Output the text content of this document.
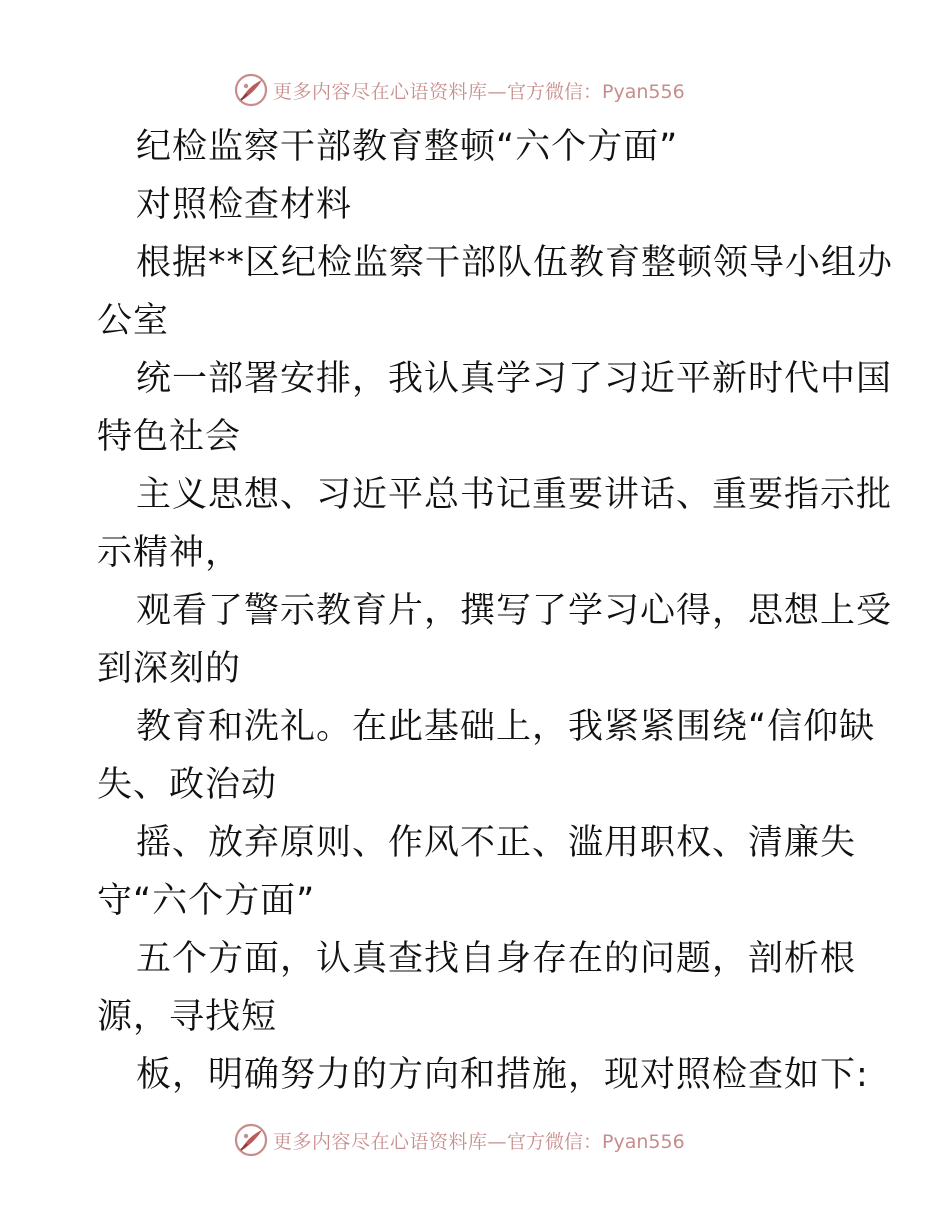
更多内容尽在心语资料库— 官方微信：Pyan556
纪检监察干部教育整顿“六个方面”
对照检查材料
根据**区纪检监察干部队伍教育整顿领导小组办
公室
统一部署安排，我认真学习了习近平新时代中国
特色社会
主义思想、习近平总书记重要讲话、重要指示批
示精神，
观看了警示教育片，撰写了学习心得，思想上受
到深刻的
教育和洗礼。在此基础上，我紧紧围绕“信仰缺
失、政治动
摇、放弃原则、作风不正、滥用职权、清廉失
守“六个方面”
五个方面，认真查找自身存在的问题，剖析根
源，寻找短
板，明确努力的方向和措施，现对照检查如下:
更多内容尽在心语资料库— 官方微信：Pyan556
